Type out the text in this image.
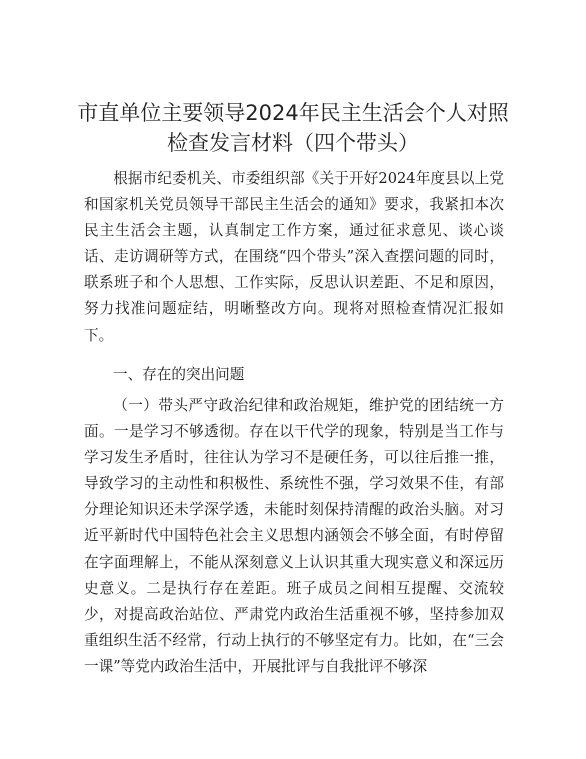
市直单位主要领导2024年民主生活会个人对照
检查发言材料（四个带头）
根据市纪委机关、市委组织部《关于开好2024年度县以上党和国家机关党员领导干部民主生活会的通知》要求，我紧扣本次民主生活会主题，认真制定工作方案，通过征求意见、谈心谈话、走访调研等方式，在围绕“四个带头”深入查摆问题的同时，联系班子和个人思想、工作实际，反思认识差距、不足和原因，努力找准问题症结，明晰整改方向。现将对照检查情况汇报如下。
一、存在的突出问题
（一）带头严守政治纪律和政治规矩，维护党的团结统一方面。一是学习不够透彻。存在以干代学的现象，特别是当工作与学习发生矛盾时，往往认为学习不是硬任务，可以往后推一推，导致学习的主动性和积极性、系统性不强，学习效果不佳，有部分理论知识还未学深学透，未能时刻保持清醒的政治头脑。对习近平新时代中国特色社会主义思想内涵领会不够全面，有时停留在字面理解上，不能从深刻意义上认识其重大现实意义和深远历史意义。二是执行存在差距。班子成员之间相互提醒、交流较少，对提高政治站位、严肃党内政治生活重视不够，坚持参加双重组织生活不经常，行动上执行的不够坚定有力。比如，在“三会一课”等党内政治生活中，开展批评与自我批评不够深
